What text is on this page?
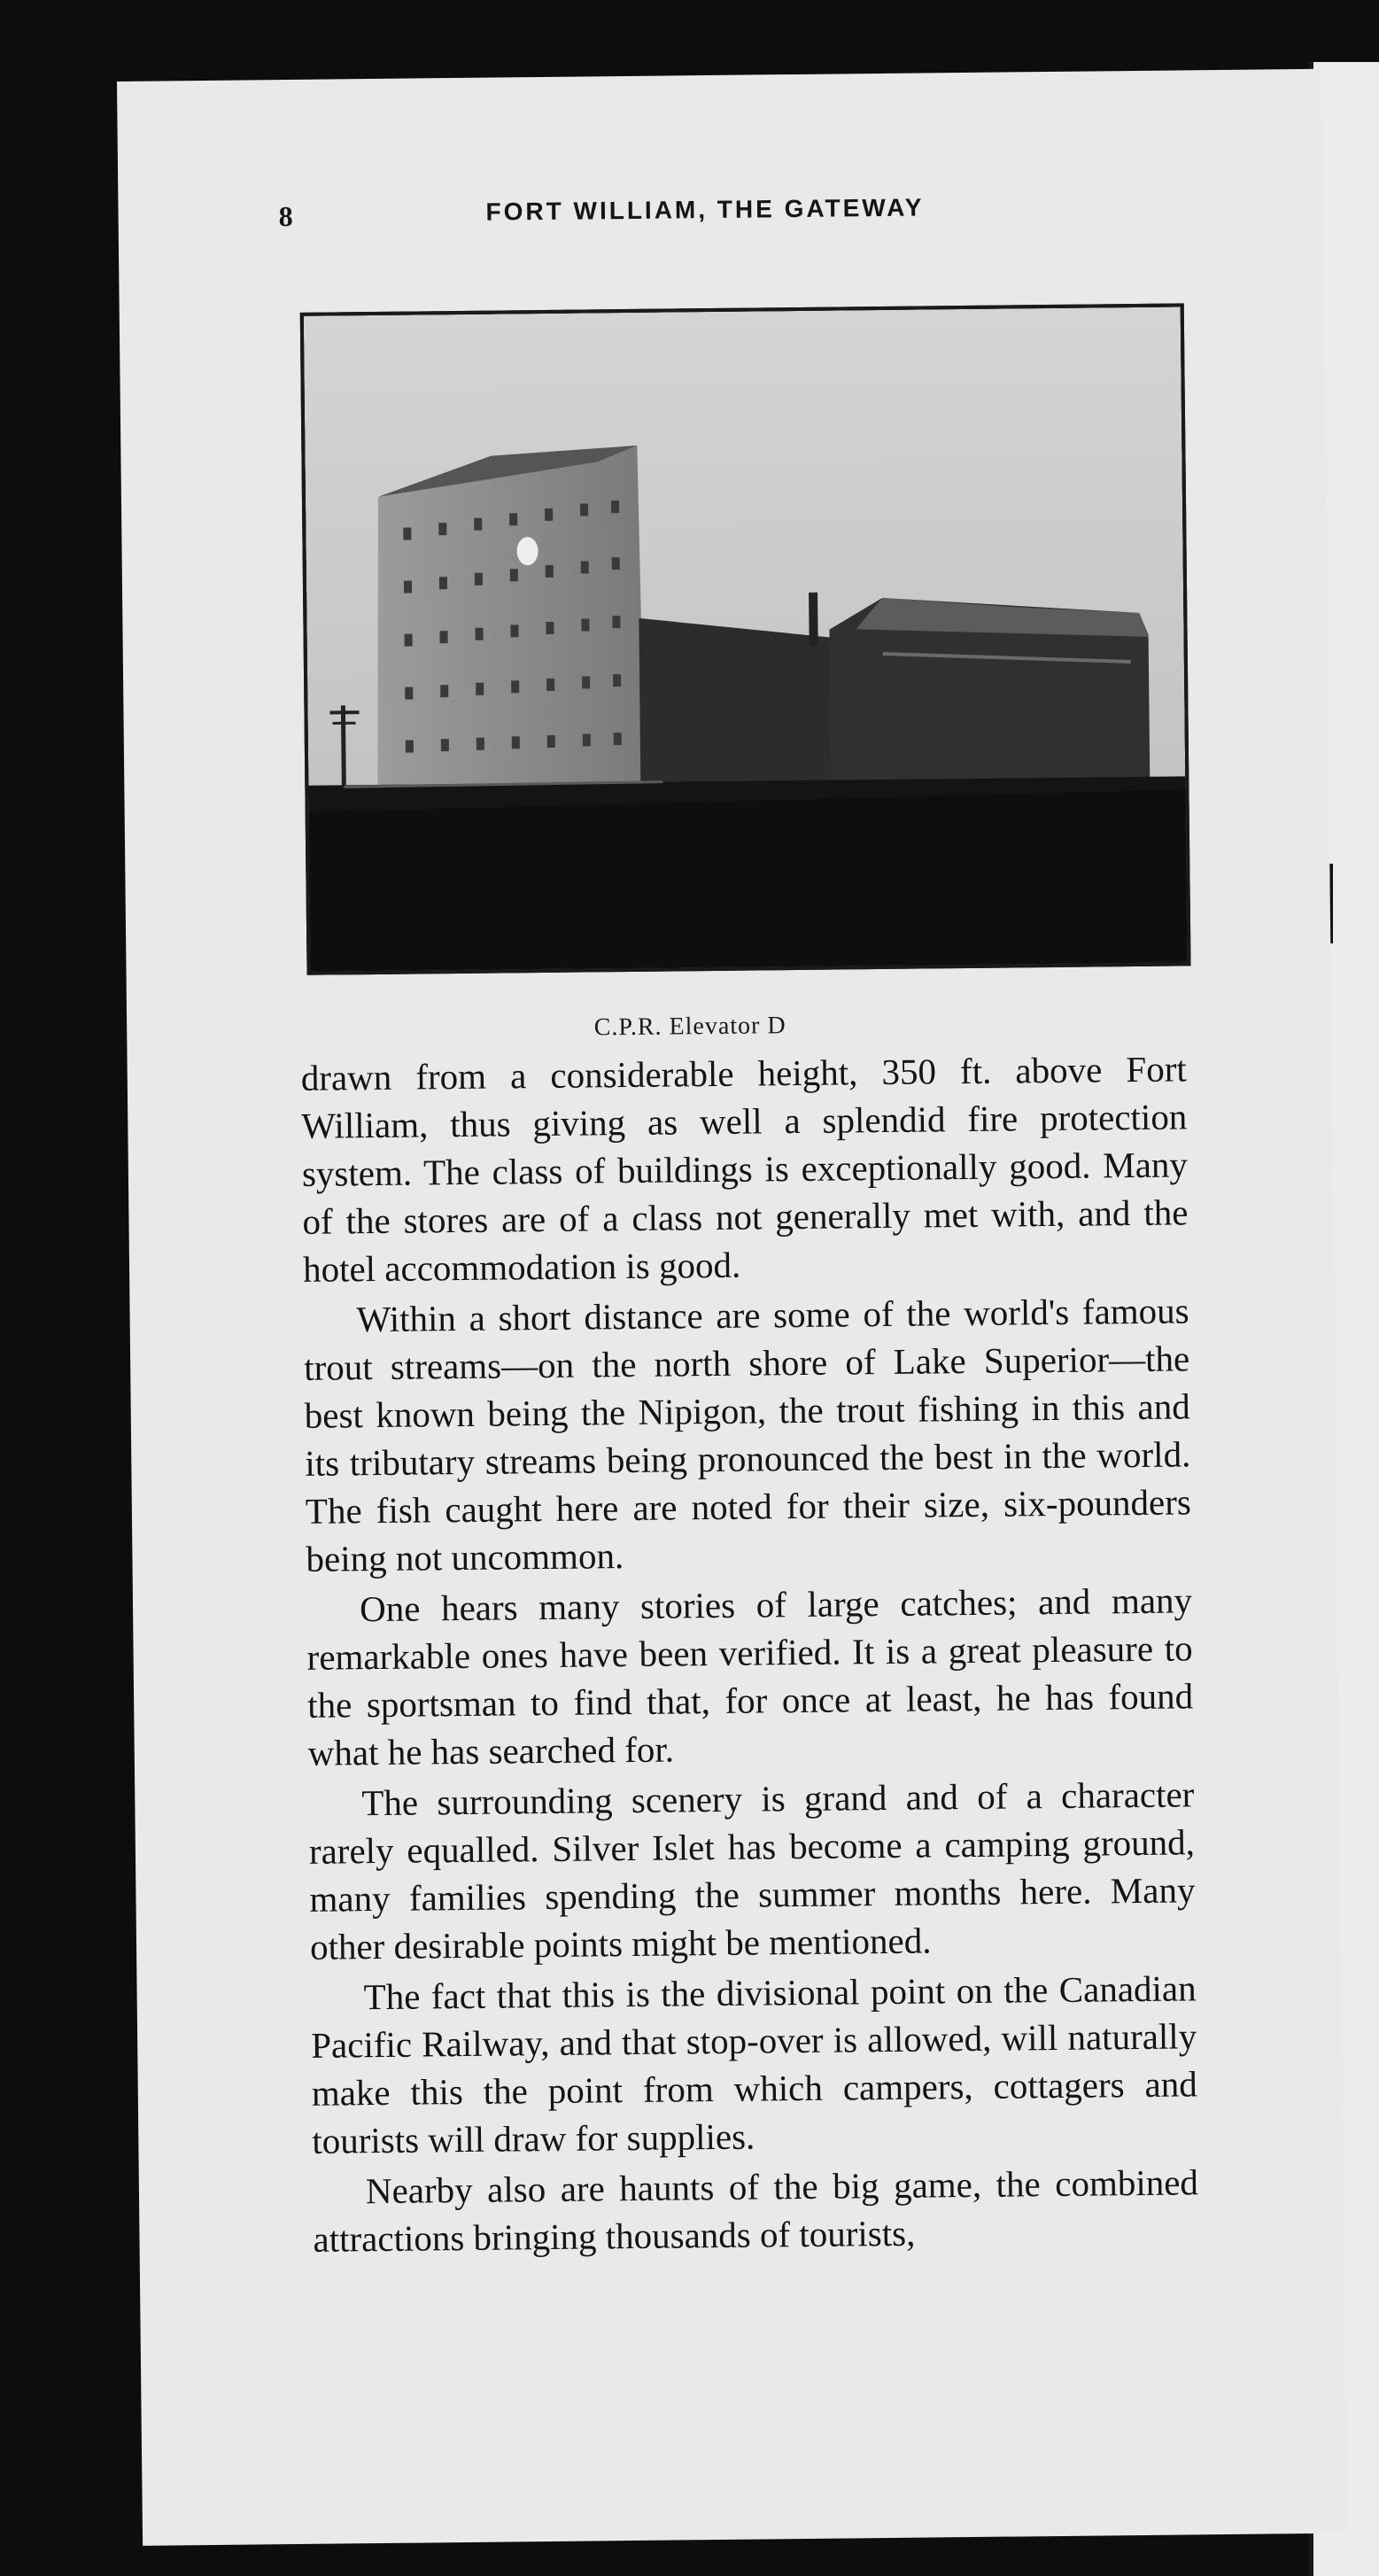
8	FORT WILLIAM, THE GATEWAY
C.P.R. Elevator D

drawn from a considerable height, 350 ft. above Fort William, thus giving as well a splendid fire protection system. The class of buildings is exceptionally good. Many of the stores are of a class not generally met with, and the hotel accommodation is good.

Within a short distance are some of the world's famous trout streams—on the north shore of Lake Superior—the best known being the Nipigon, the trout fishing in this and its tributary streams being pronounced the best in the world. The fish caught here are noted for their size, six-pounders being not uncommon.

One hears many stories of large catches; and many remarkable ones have been verified. It is a great pleasure to the sportsman to find that, for once at least, he has found what he has searched for.

The surrounding scenery is grand and of a character rarely equalled. Silver Islet has become a camping ground, many families spending the summer months here. Many other desirable points might be mentioned.

The fact that this is the divisional point on the Canadian Pacific Railway, and that stop-over is allowed, will naturally make this the point from which campers, cottagers and tourists will draw for supplies.

Nearby also are haunts of the big game, the combined attractions bringing thousands of tourists,
